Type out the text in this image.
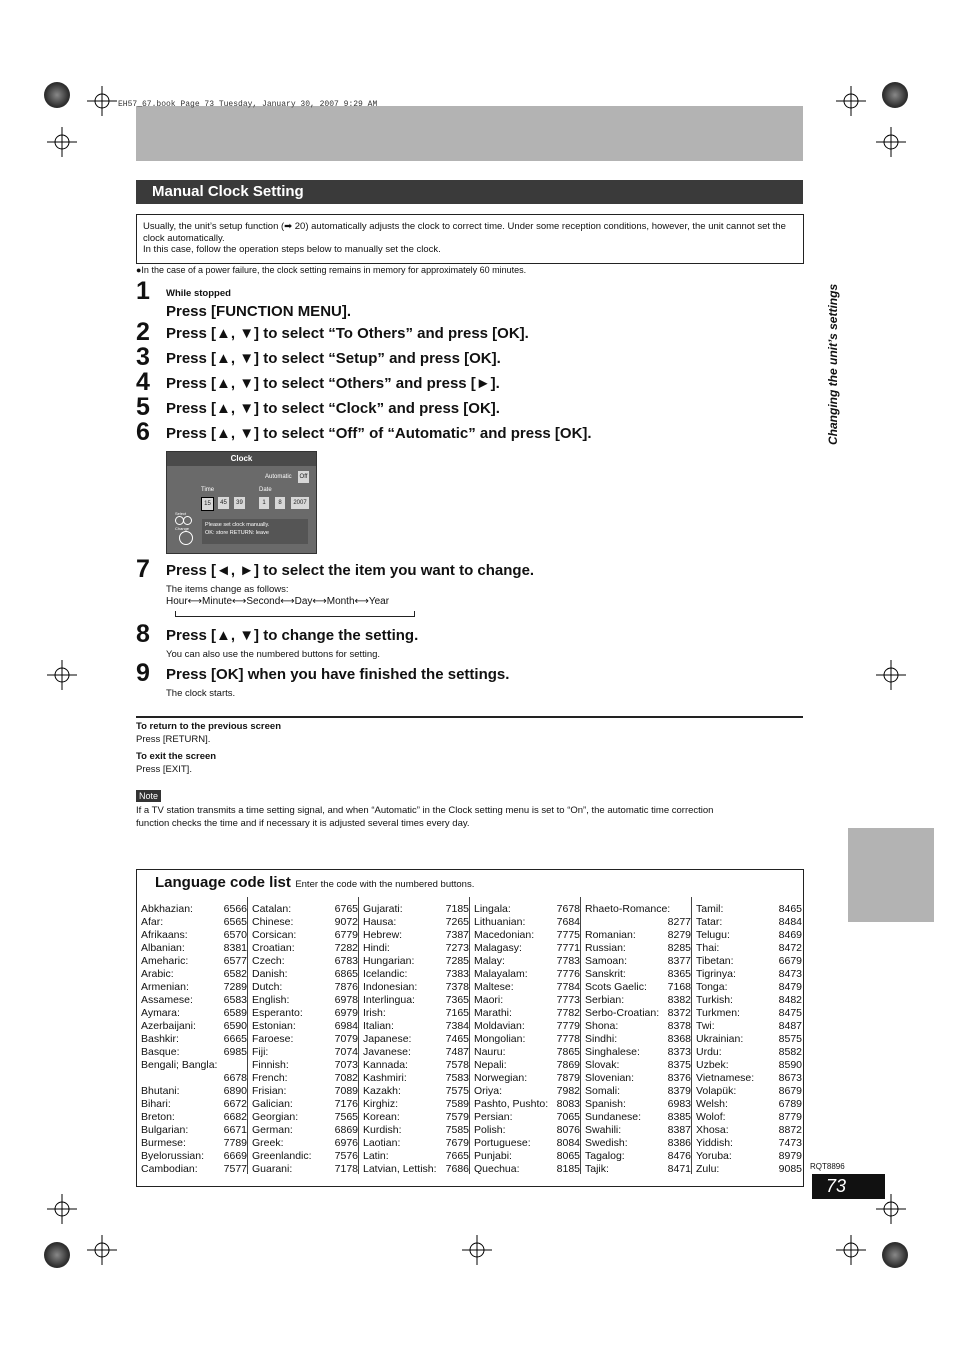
EH57_67.book Page 73 Tuesday, January 30, 2007 9:29 AM
Manual Clock Setting
Usually, the unit’s setup function (➡ 20) automatically adjusts the clock to correct time. Under some reception conditions, however, the unit cannot set the clock automatically.
In this case, follow the operation steps below to manually set the clock.
●In the case of a power failure, the clock setting remains in memory for approximately 60 minutes.
Changing the unit’s settings
1 While stopped
Press [FUNCTION MENU].
2 Press [▲, ▼] to select “To Others” and press [OK].
3 Press [▲, ▼] to select “Setup” and press [OK].
4 Press [▲, ▼] to select “Others” and press [►].
5 Press [▲, ▼] to select “Clock” and press [OK].
6 Press [▲, ▼] to select “Off” of “Automatic” and press [OK].
Clock
Automatic Off
Time	Date
15	45	39	1	8	2007
Select
Change
Please set clock manually.
OK: store RETURN: leave
7 Press [◄, ►] to select the item you want to change.
The items change as follows:
Hour⟷Minute⟷Second⟷Day⟷Month⟷Year
8 Press [▲, ▼] to change the setting.
You can also use the numbered buttons for setting.
9 Press [OK] when you have finished the settings.
The clock starts.
To return to the previous screen
Press [RETURN].
To exit the screen
Press [EXIT].
Note
If a TV station transmits a time setting signal, and when “Automatic” in the Clock setting menu is set to “On”, the automatic time correction
function checks the time and if necessary it is adjusted several times every day.
Language code list Enter the code with the numbered buttons.
Abkhazian:	6566
Afar:	6565
Afrikaans:	6570
Albanian:	8381
Ameharic:	6577
Arabic:	6582
Armenian:	7289
Assamese:	6583
Aymara:	6589
Azerbaijani:	6590
Bashkir:	6665
Basque:	6985
Bengali; Bangla:
6678
Bhutani:	6890
Bihari:	6672
Breton:	6682
Bulgarian:	6671
Burmese:	7789
Byelorussian: 6669
Cambodian: 7577
Catalan:	6765
Chinese:	9072
Corsican:	6779
Croatian:	7282
Czech:	6783
Danish:	6865
Dutch:	7876
English:	6978
Esperanto:	6979
Estonian:	6984
Faroese:	7079
Fiji:	7074
Finnish:	7073
French:	7082
Frisian:	7089
Galician:	7176
Georgian:	7565
German:	6869
Greek:	6976
Greenlandic: 7576
Guarani:	7178
Gujarati:	7185
Hausa:	7265
Hebrew:	7387
Hindi:	7273
Hungarian:	7285
Icelandic:	7383
Indonesian:	7378
Interlingua:	7365
Irish:	7165
Italian:	7384
Japanese:	7465
Javanese:	7487
Kannada:	7578
Kashmiri:	7583
Kazakh:	7575
Kirghiz:	7589
Korean:	7579
Kurdish:	7585
Laotian:	7679
Latin:	7665
Latvian, Lettish: 7686
Lingala:	7678
Lithuanian:	7684
Macedonian: 7775
Malagasy:	7771
Malay:	7783
Malayalam:	7776
Maltese:	7784
Maori:	7773
Marathi:	7782
Moldavian:	7779
Mongolian:	7778
Nauru:	7865
Nepali:	7869
Norwegian:	7879
Oriya:	7982
Pashto, Pushto: 8083
Persian:	7065
Polish:	8076
Portuguese: 8084
Punjabi:	8065
Quechua:	8185
Rhaeto-Romance:
8277
Romanian:	8279
Russian:	8285
Samoan:	8377
Sanskrit:	8365
Scots Gaelic: 7168
Serbian:	8382
Serbo-Croatian: 8372
Shona:	8378
Sindhi:	8368
Singhalese:	8373
Slovak:	8375
Slovenian:	8376
Somali:	8379
Spanish:	6983
Sundanese:	8385
Swahili:	8387
Swedish:	8386
Tagalog:	8476
Tajik:	8471
Tamil:	8465
Tatar:	8484
Telugu:	8469
Thai:	8472
Tibetan:	6679
Tigrinya:	8473
Tonga:	8479
Turkish:	8482
Turkmen:	8475
Twi:	8487
Ukrainian:	8575
Urdu:	8582
Uzbek:	8590
Vietnamese: 8673
Volapük:	8679
Welsh:	6789
Wolof:	8779
Xhosa:	8872
Yiddish:	7473
Yoruba:	8979
Zulu:	9085 RQT8896
73
